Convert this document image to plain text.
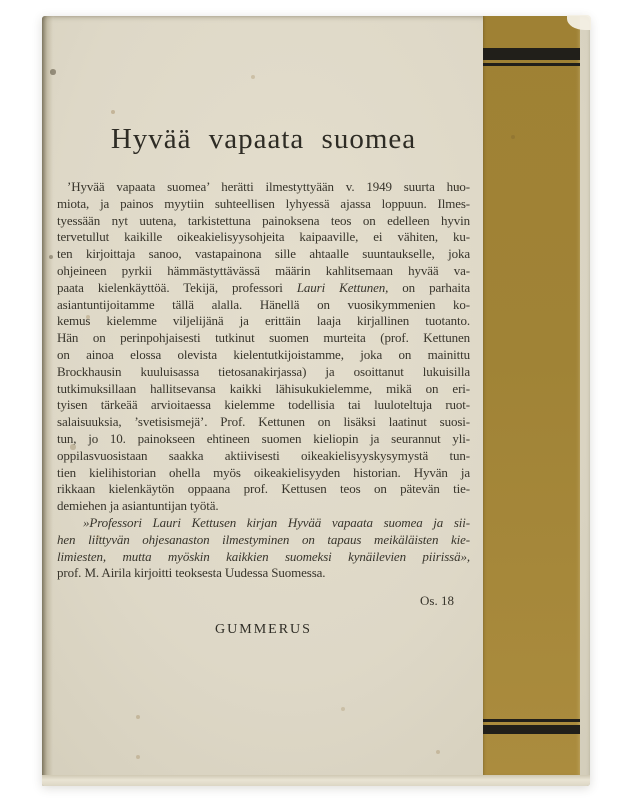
Hyvää vapaata suomea
’Hyvää vapaata suomea’ herätti ilmestyttyään v. 1949 suurta huo-
miota, ja painos myytiin suhteellisen lyhyessä ajassa loppuun. Ilmes-
tyessään nyt uutena, tarkistettuna painoksena teos on edelleen hyvin
tervetullut kaikille oikeakielisyysohjeita kaipaaville, ei vähiten, ku-
ten kirjoittaja sanoo, vastapainona sille ahtaalle suuntaukselle, joka
ohjeineen pyrkii hämmästyttävässä määrin kahlitsemaan hyvää va-
paata kielenkäyttöä. Tekijä, professori Lauri Kettunen, on parhaita
asiantuntijoitamme tällä alalla. Hänellä on vuosikymmenien ko-
kemus kielemme viljelijänä ja erittäin laaja kirjallinen tuotanto.
Hän on perinpohjaisesti tutkinut suomen murteita (prof. Kettunen
on ainoa elossa olevista kielentutkijoistamme, joka on mainittu
Brockhausin kuuluisassa tietosanakirjassa) ja osoittanut lukuisilla
tutkimuksillaan hallitsevansa kaikki lähisukukielemme, mikä on eri-
tyisen tärkeää arvioitaessa kielemme todellisia tai luuloteltuja ruot-
salaisuuksia, ’svetisismejä’. Prof. Kettunen on lisäksi laatinut suosi-
tun, jo 10. painokseen ehtineen suomen kieliopin ja seurannut yli-
oppilasvuosistaan saakka aktiivisesti oikeakielisyyskysymystä tun-
tien kielihistorian ohella myös oikeakielisyyden historian. Hyvän ja
rikkaan kielenkäytön oppaana prof. Kettusen teos on pätevän tie-
demiehen ja asiantuntijan työtä.
»Professori Lauri Kettusen kirjan Hyvää vapaata suomea ja sii-
hen liittyvän ohjesanaston ilmestyminen on tapaus meikäläisten kie-
limiesten, mutta myöskin kaikkien suomeksi kynäilevien piirissä»,
prof. M. Airila kirjoitti teoksesta Uudessa Suomessa.
Os. 18
GUMMERUS
